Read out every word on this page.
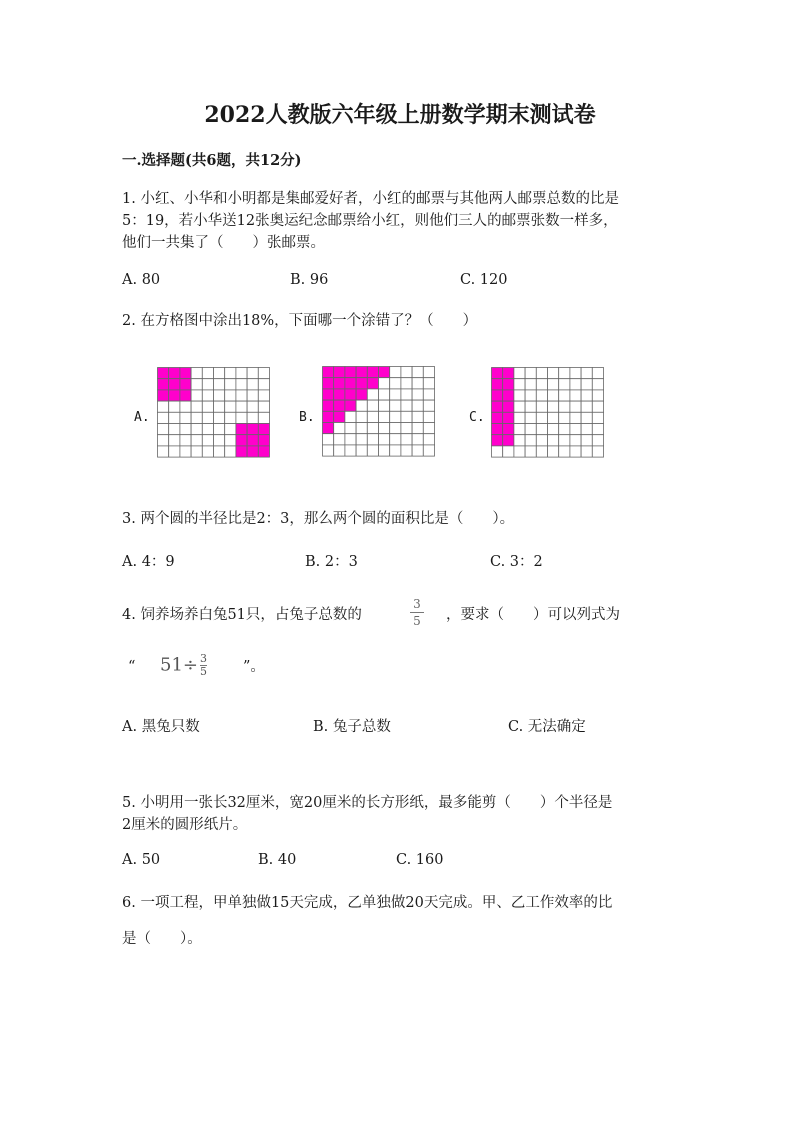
2022人教版六年级上册数学期末测试卷
一.选择题(共6题，共12分)
1. 小红、小华和小明都是集邮爱好者，小红的邮票与其他两人邮票总数的比是
5：19，若小华送12张奥运纪念邮票给小红，则他们三人的邮票张数一样多，
他们一共集了（　　）张邮票。
A. 80	B. 96	C. 120
2. 在方格图中涂出18%，下面哪一个涂错了？（　　）
A.	B.	C.
3. 两个圆的半径比是2：3，那么两个圆的面积比是（　　）。
A. 4：9	B. 2：3	C. 3：2
4. 饲养场养白兔51只，占兔子总数的
3
5 ，要求（　　）可以列式为
“ $51\div \frac{3}{5}$ ”。
A. 黑兔只数	B. 兔子总数	C. 无法确定
5. 小明用一张长32厘米，宽20厘米的长方形纸，最多能剪（　　）个半径是
2厘米的圆形纸片。
A. 50	B. 40	C. 160
6. 一项工程，甲单独做15天完成，乙单独做20天完成。甲、乙工作效率的比
是（　　）。
